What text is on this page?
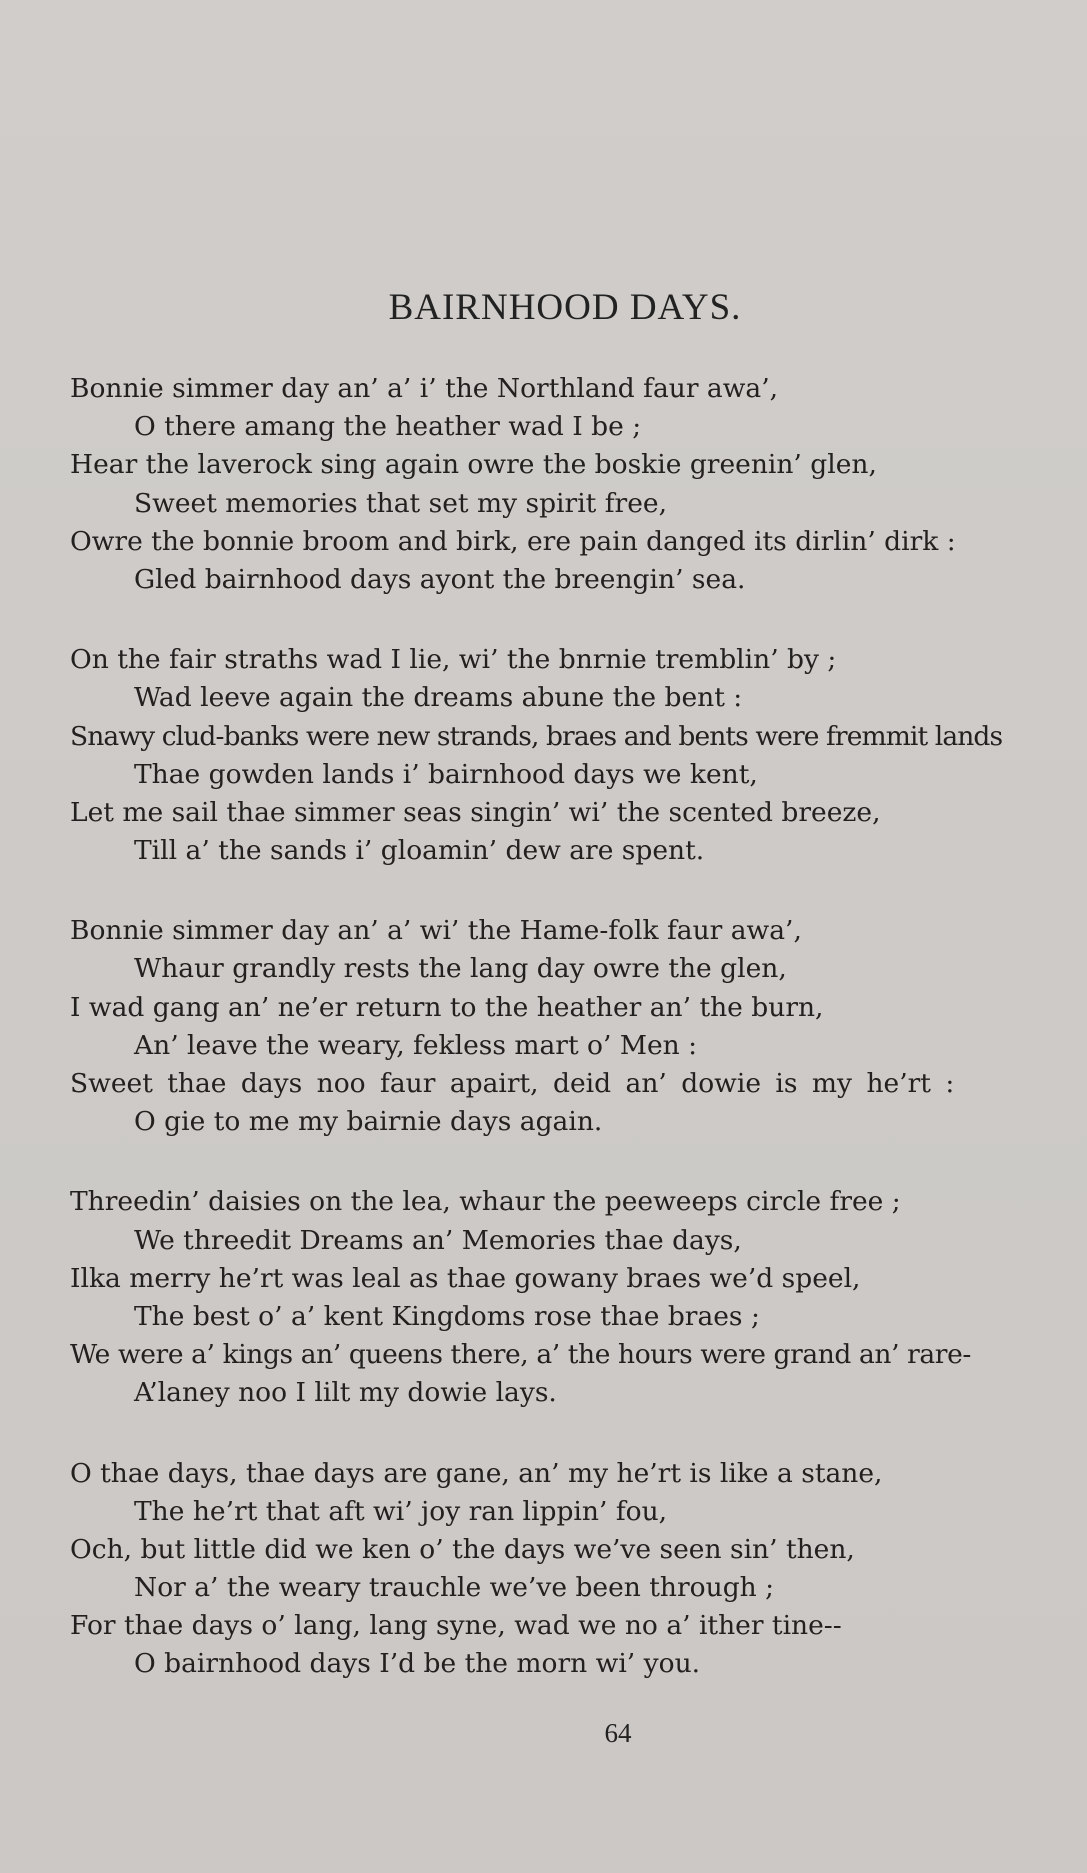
BAIRNHOOD DAYS.
Bonnie simmer day an’ a’ i’ the Northland faur awa’,
O there amang the heather wad I be ;
Hear the laverock sing again owre the boskie greenin’ glen,
Sweet memories that set my spirit free,
Owre the bonnie broom and birk, ere pain danged its dirlin’ dirk :
Gled bairnhood days ayont the breengin’ sea.
On the fair straths wad I lie, wi’ the bnrnie tremblin’ by ;
Wad leeve again the dreams abune the bent :
Snawy clud-banks were new strands, braes and bents were fremmit lands
Thae gowden lands i’ bairnhood days we kent,
Let me sail thae simmer seas singin’ wi’ the scented breeze,
Till a’ the sands i’ gloamin’ dew are spent.
Bonnie simmer day an’ a’ wi’ the Hame-folk faur awa’,
Whaur grandly rests the lang day owre the glen,
I wad gang an’ ne’er return to the heather an’ the burn,
An’ leave the weary, fekless mart o’ Men :
Sweet thae days noo faur apairt, deid an’ dowie is my he’rt :
O gie to me my bairnie days again.
Threedin’ daisies on the lea, whaur the peeweeps circle free ;
We threedit Dreams an’ Memories thae days,
Ilka merry he’rt was leal as thae gowany braes we’d speel,
The best o’ a’ kent Kingdoms rose thae braes ;
We were a’ kings an’ queens there, a’ the hours were grand an’ rare-
A’laney noo I lilt my dowie lays.
O thae days, thae days are gane, an’ my he’rt is like a stane,
The he’rt that aft wi’ joy ran lippin’ fou,
Och, but little did we ken o’ the days we’ve seen sin’ then,
Nor a’ the weary trauchle we’ve been through ;
For thae days o’ lang, lang syne, wad we no a’ ither tine--
O bairnhood days I’d be the morn wi’ you.
64
